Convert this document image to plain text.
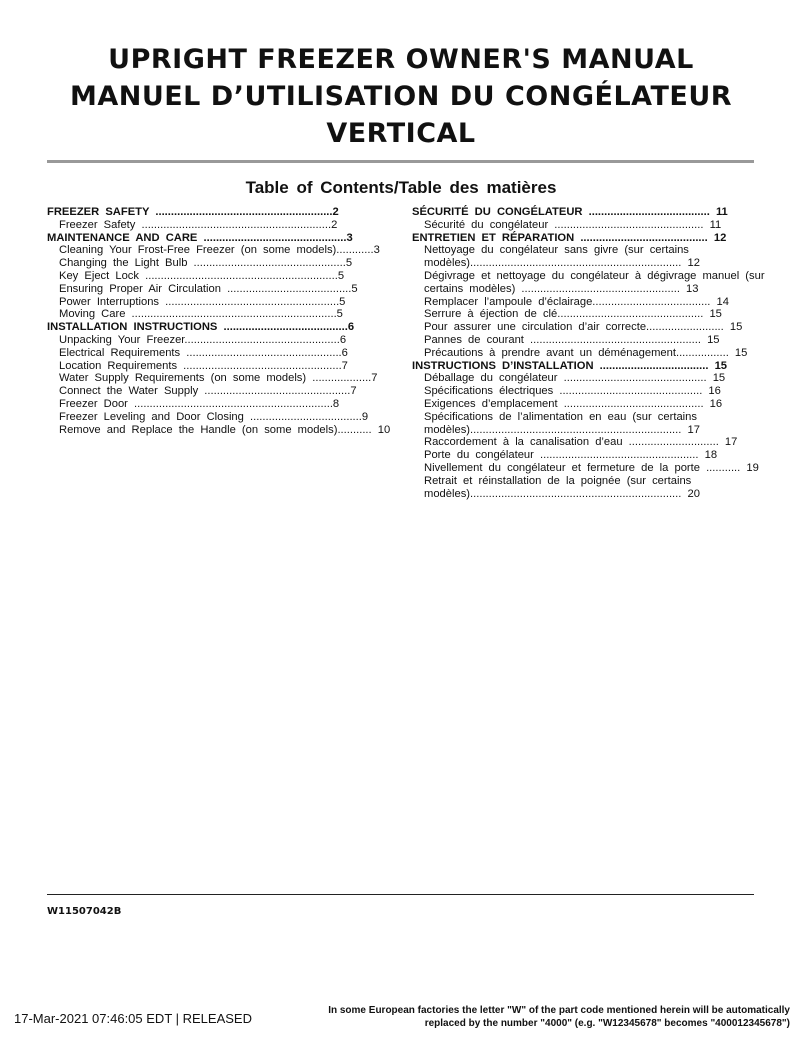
UPRIGHT FREEZER OWNER'S MANUAL
MANUEL D’UTILISATION DU CONGÉLATEUR
VERTICAL
Table of Contents/Table des matières
FREEZER SAFETY .........................................................2
Freezer Safety .............................................................2
MAINTENANCE AND CARE ..............................................3
Cleaning Your Frost-Free Freezer (on some models)............3
Changing the Light Bulb .................................................5
Key Eject Lock ..............................................................5
Ensuring Proper Air Circulation ........................................5
Power Interruptions ........................................................5
Moving Care ..................................................................5
INSTALLATION INSTRUCTIONS ........................................6
Unpacking Your Freezer..................................................6
Electrical Requirements ..................................................6
Location Requirements ...................................................7
Water Supply Requirements (on some models) ...................7
Connect the Water Supply ...............................................7
Freezer Door ................................................................8
Freezer Leveling and Door Closing ....................................9
Remove and Replace the Handle (on some models)........... 10
SÉCURITÉ DU CONGÉLATEUR ....................................... 11
Sécurité du congélateur ................................................ 11
ENTRETIEN ET RÉPARATION ......................................... 12
Nettoyage du congélateur sans givre (sur certains modèles).................................................................... 12
Dégivrage et nettoyage du congélateur à dégivrage manuel (sur certains modèles) ................................................... 13
Remplacer l’ampoule d’éclairage...................................... 14
Serrure à éjection de clé............................................... 15
Pour assurer une circulation d’air correcte......................... 15
Pannes de courant ....................................................... 15
Précautions à prendre avant un déménagement................. 15
INSTRUCTIONS D’INSTALLATION ................................... 15
Déballage du congélateur .............................................. 15
Spécifications électriques .............................................. 16
Exigences d’emplacement ............................................. 16
Spécifications de l’alimentation en eau (sur certains modèles).................................................................... 17
Raccordement à la canalisation d’eau ............................. 17
Porte du congélateur ................................................... 18
Nivellement du congélateur et fermeture de la porte ........... 19
Retrait et réinstallation de la poignée (sur certains modèles).................................................................... 20
W11507042B
17-Mar-2021 07:46:05 EDT | RELEASED
In some European factories the letter "W" of the part code mentioned herein will be automatically
replaced by the number "4000" (e.g. "W12345678" becomes "400012345678")
